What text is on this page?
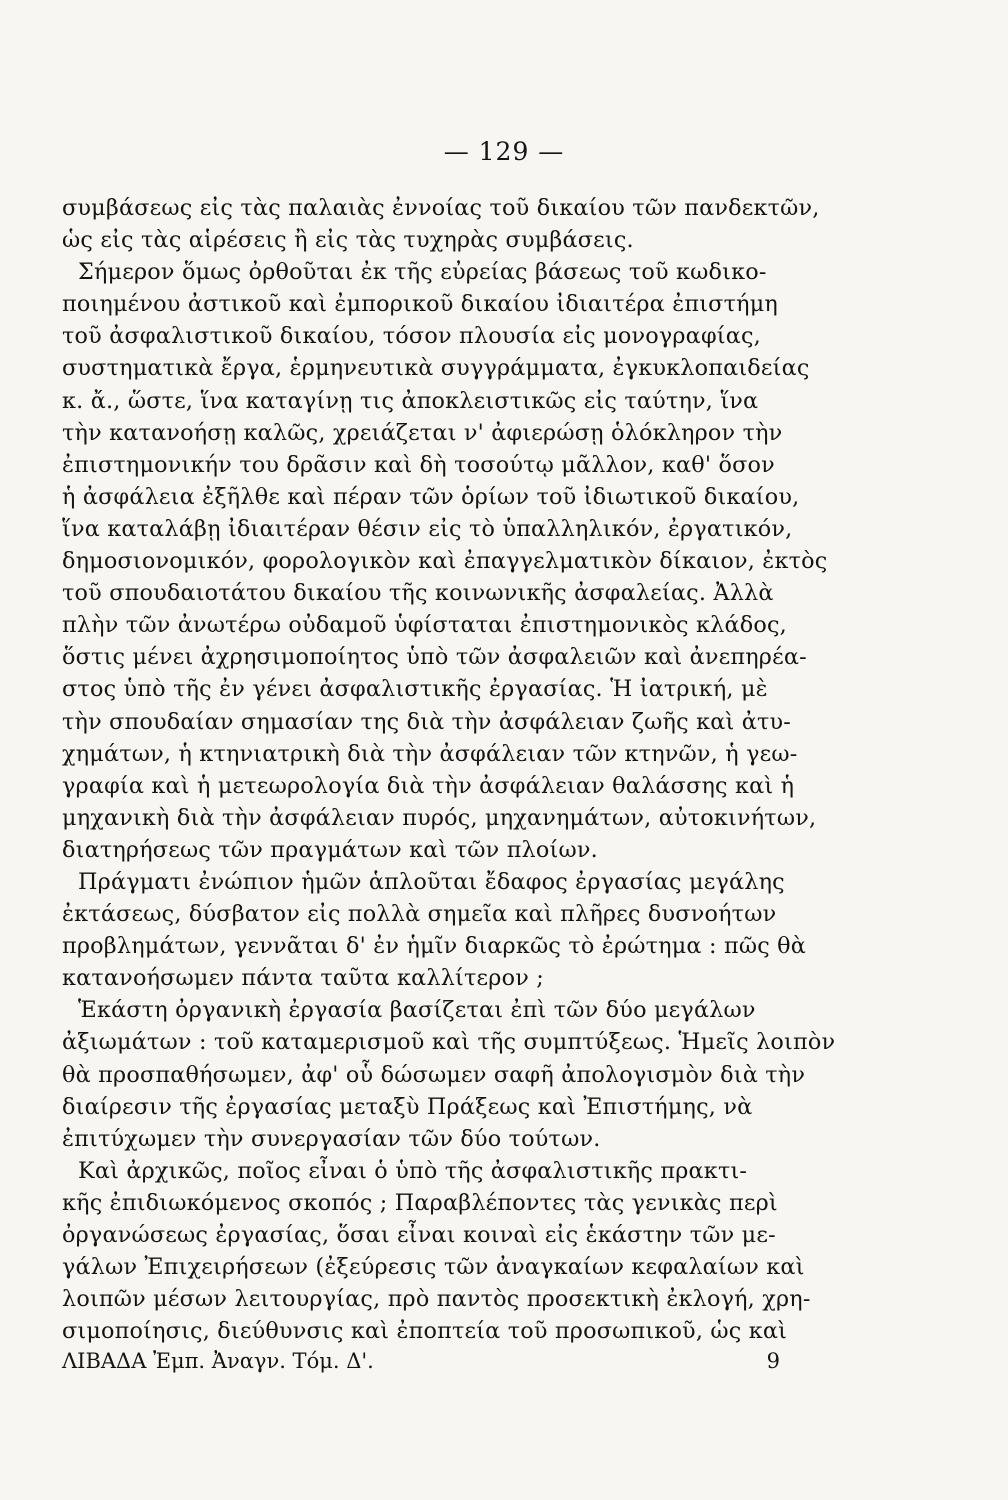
— 129 —
συμβάσεως εἰς τὰς παλαιὰς ἐννοίας τοῦ δικαίου τῶν πανδεκτῶν,
ὡς εἰς τὰς αἱρέσεις ἢ εἰς τὰς τυχηρὰς συμβάσεις.
Σήμερον ὅμως ὀρθοῦται ἐκ τῆς εὐρείας βάσεως τοῦ κωδικο-
ποιημένου ἀστικοῦ καὶ ἐμπορικοῦ δικαίου ἰδιαιτέρα ἐπιστήμη
τοῦ ἀσφαλιστικοῦ δικαίου, τόσον πλουσία εἰς μονογραφίας,
συστηματικὰ ἔργα, ἑρμηνευτικὰ συγγράμματα, ἐγκυκλοπαιδείας
κ. ἄ., ὥστε, ἵνα καταγίνῃ τις ἀποκλειστικῶς εἰς ταύτην, ἵνα
τὴν κατανοήσῃ καλῶς, χρειάζεται ν' ἀφιερώσῃ ὁλόκληρον τὴν
ἐπιστημονικήν του δρᾶσιν καὶ δὴ τοσούτῳ μᾶλλον, καθ' ὅσον
ἡ ἀσφάλεια ἐξῆλθε καὶ πέραν τῶν ὁρίων τοῦ ἰδιωτικοῦ δικαίου,
ἵνα καταλάβῃ ἰδιαιτέραν θέσιν εἰς τὸ ὑπαλληλικόν, ἐργατικόν,
δημοσιονομικόν, φορολογικὸν καὶ ἐπαγγελματικὸν δίκαιον, ἐκτὸς
τοῦ σπουδαιοτάτου δικαίου τῆς κοινωνικῆς ἀσφαλείας. Ἀλλὰ
πλὴν τῶν ἀνωτέρω οὐδαμοῦ ὑφίσταται ἐπιστημονικὸς κλάδος,
ὅστις μένει ἀχρησιμοποίητος ὑπὸ τῶν ἀσφαλειῶν καὶ ἀνεπηρέα-
στος ὑπὸ τῆς ἐν γένει ἀσφαλιστικῆς ἐργασίας. Ἡ ἰατρική, μὲ
τὴν σπουδαίαν σημασίαν της διὰ τὴν ἀσφάλειαν ζωῆς καὶ ἀτυ-
χημάτων, ἡ κτηνιατρικὴ διὰ τὴν ἀσφάλειαν τῶν κτηνῶν, ἡ γεω-
γραφία καὶ ἡ μετεωρολογία διὰ τὴν ἀσφάλειαν θαλάσσης καὶ ἡ
μηχανικὴ διὰ τὴν ἀσφάλειαν πυρός, μηχανημάτων, αὐτοκινήτων,
διατηρήσεως τῶν πραγμάτων καὶ τῶν πλοίων.
Πράγματι ἐνώπιον ἡμῶν ἁπλοῦται ἔδαφος ἐργασίας μεγάλης
ἐκτάσεως, δύσβατον εἰς πολλὰ σημεῖα καὶ πλῆρες δυσνοήτων
προβλημάτων, γεννᾶται δ' ἐν ἡμῖν διαρκῶς τὸ ἐρώτημα : πῶς θὰ
κατανοήσωμεν πάντα ταῦτα καλλίτερον ;
Ἑκάστη ὀργανικὴ ἐργασία βασίζεται ἐπὶ τῶν δύο μεγάλων
ἀξιωμάτων : τοῦ καταμερισμοῦ καὶ τῆς συμπτύξεως. Ἡμεῖς λοιπὸν
θὰ προσπαθήσωμεν, ἀφ' οὗ δώσωμεν σαφῆ ἀπολογισμὸν διὰ τὴν
διαίρεσιν τῆς ἐργασίας μεταξὺ Πράξεως καὶ Ἐπιστήμης, νὰ
ἐπιτύχωμεν τὴν συνεργασίαν τῶν δύο τούτων.
Καὶ ἀρχικῶς, ποῖος εἶναι ὁ ὑπὸ τῆς ἀσφαλιστικῆς πρακτι-
κῆς ἐπιδιωκόμενος σκοπός ; Παραβλέποντες τὰς γενικὰς περὶ
ὀργανώσεως ἐργασίας, ὅσαι εἶναι κοιναὶ εἰς ἑκάστην τῶν με-
γάλων Ἐπιχειρήσεων (ἐξεύρεσις τῶν ἀναγκαίων κεφαλαίων καὶ
λοιπῶν μέσων λειτουργίας, πρὸ παντὸς προσεκτικὴ ἐκλογή, χρη-
σιμοποίησις, διεύθυνσις καὶ ἐποπτεία τοῦ προσωπικοῦ, ὡς καὶ
ΛΙΒΑΔΑ Ἐμπ. Ἀναγν. Τόμ. Δ'.	9
